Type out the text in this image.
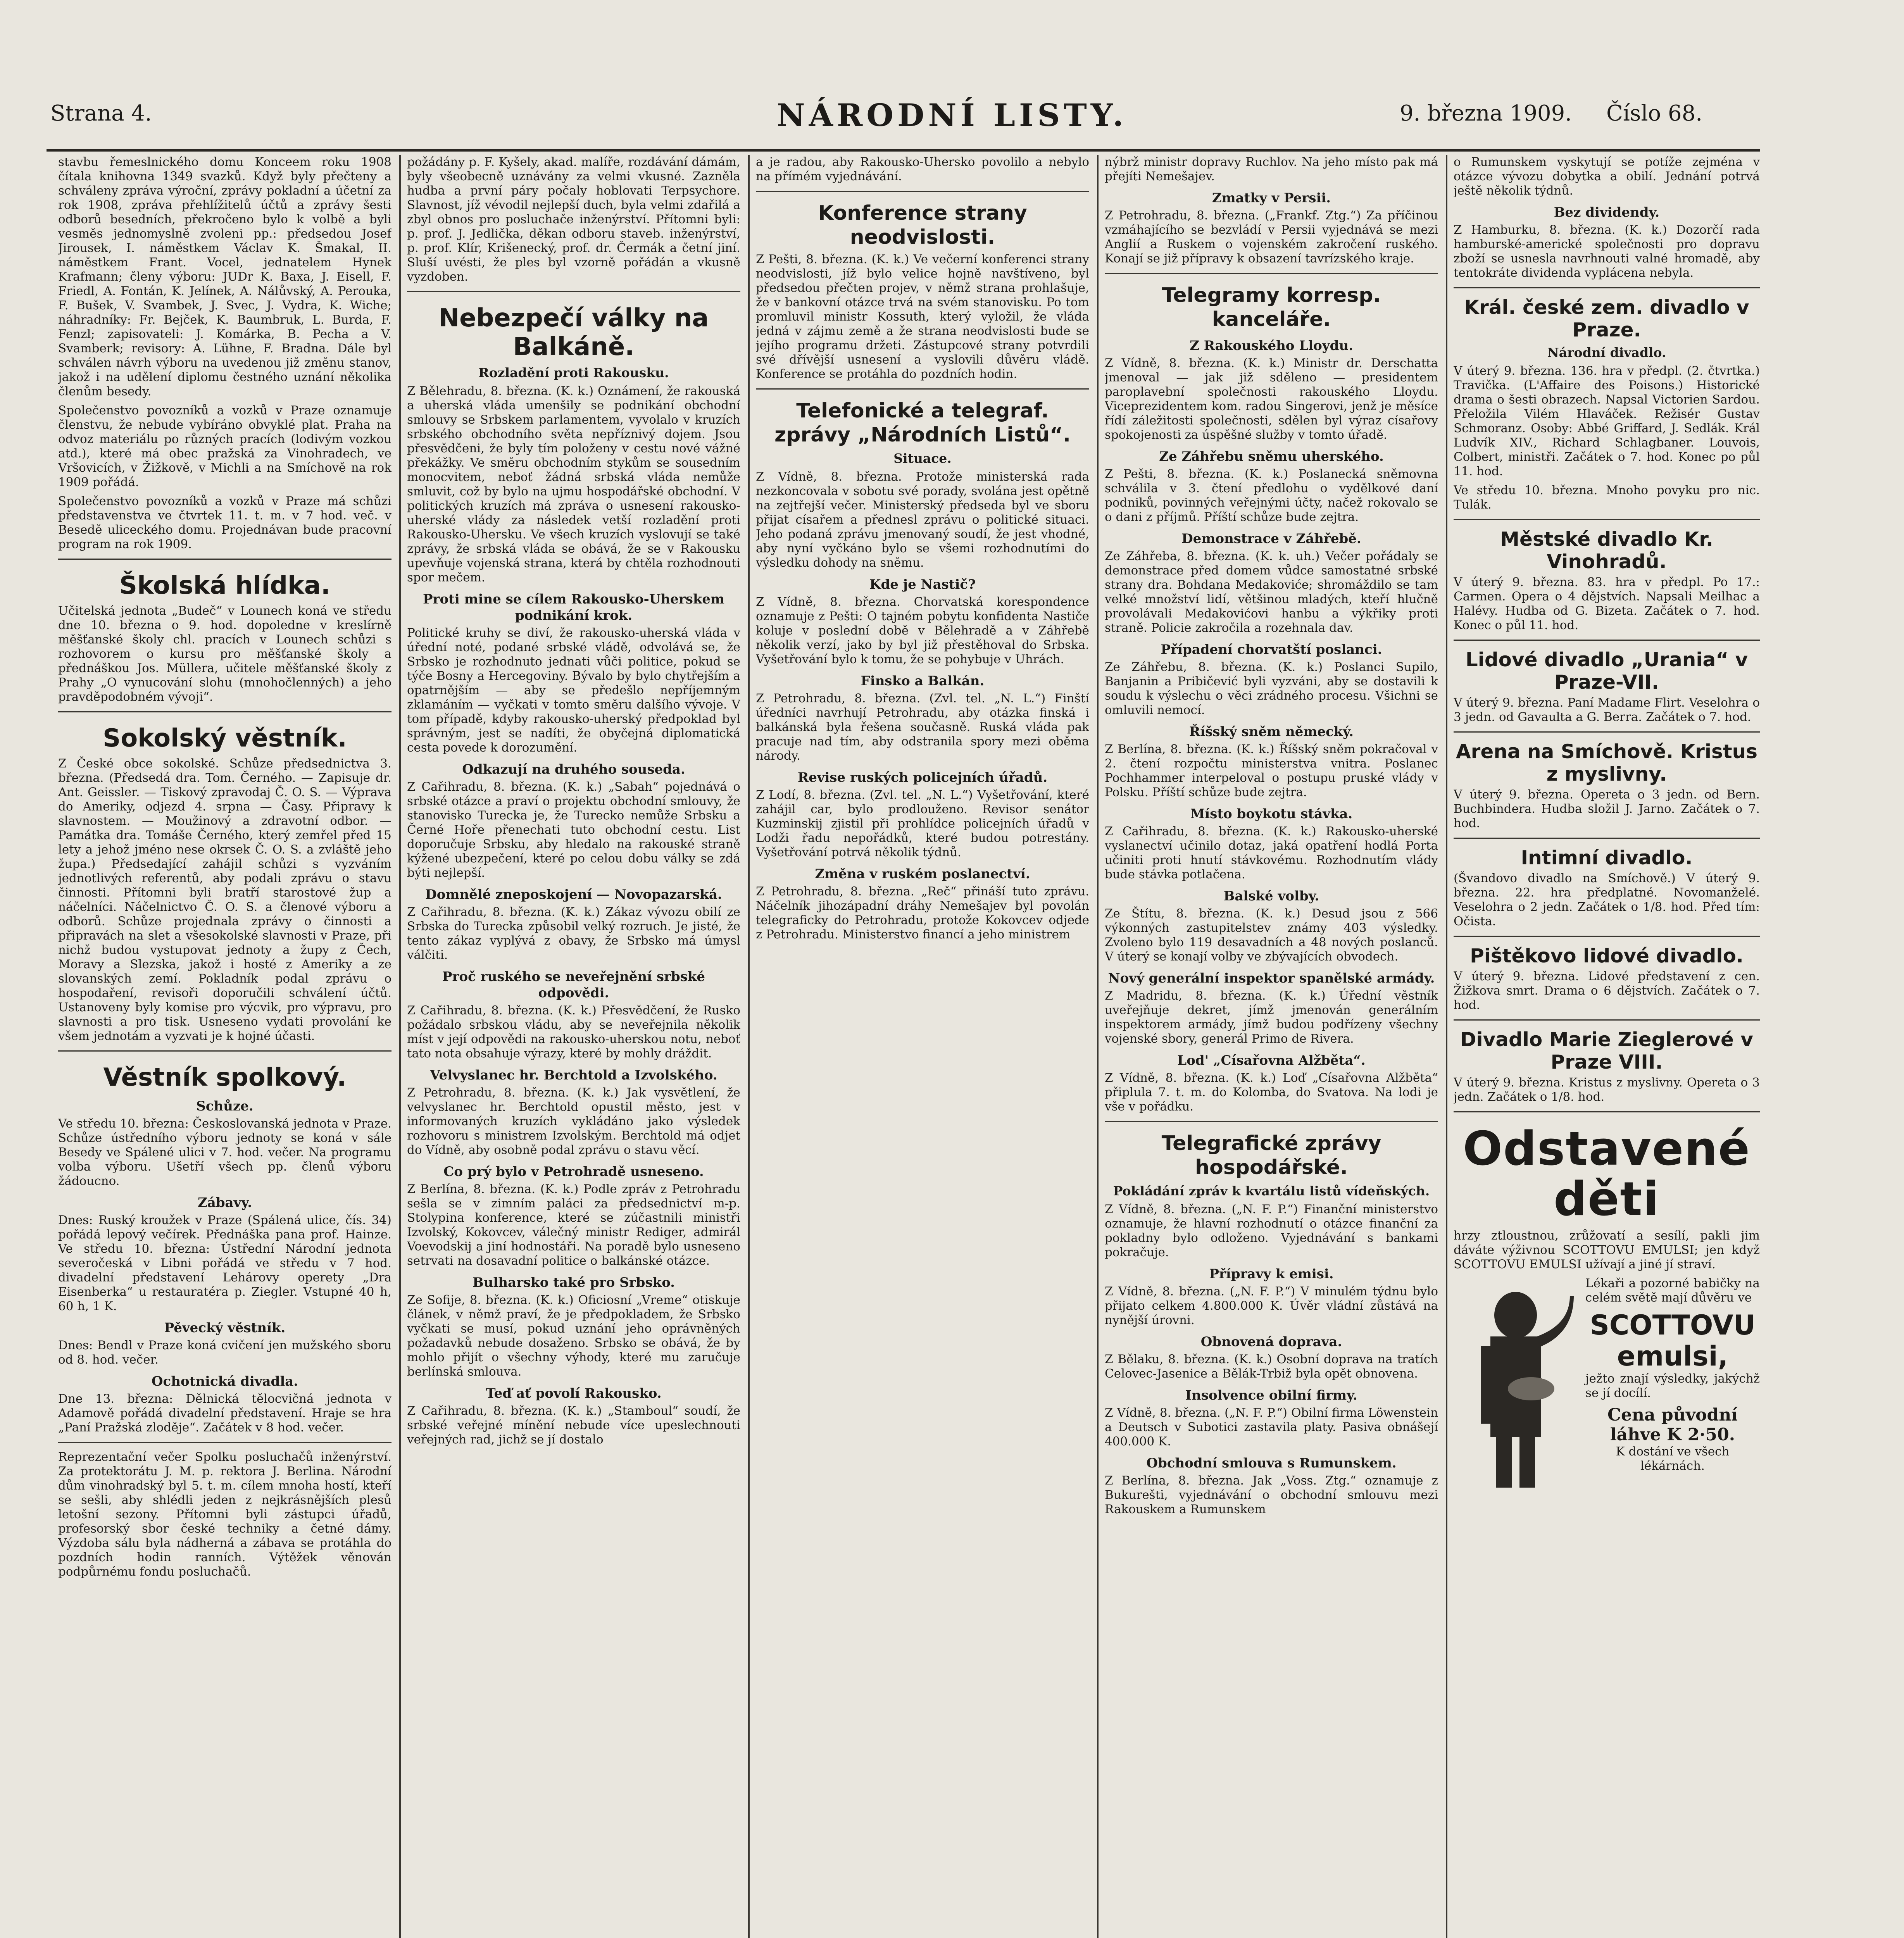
Strana 4.	NÁRODNÍ LISTY.	9. března 1909. Číslo 68.

stavbu řemeslnického domu Konceem roku 1908 čítala knihovna 1349 svazků. Když byly přečteny a schváleny zpráva výroční, zprávy pokladní a účetní za rok 1908, zpráva přehlížitelů účtů a zprávy šesti odborů besedních, překročeno bylo k volbě a byli vesměs jednomyslně zvoleni pp.: předsedou Josef Jirousek, I. náměstkem Václav K. Šmakal, II. náměstkem Frant. Vocel, jednatelem Hynek Krafmann; členy výboru: JUDr K. Baxa, J. Eisell, F. Friedl, A. Fontán, K. Jelínek, A. Nálůvský, A. Perouka, F. Bušek, V. Svambek, J. Svec, J. Vydra, K. Wiche; náhradníky: Fr. Bejček, K. Baumbruk, L. Burda, F. Fenzl; zapisovateli: J. Komárka, B. Pecha a V. Svamberk; revisory: A. Lühne, F. Bradna. Dále byl schválen návrh výboru na uvedenou již změnu stanov, jakož i na udělení diplomu čestného uznání několika členům besedy.

Společenstvo povozníků a vozků v Praze oznamuje členstvu, že nebude vybíráno obvyklé plat. Praha na odvoz materiálu po různých pracích (lodivým vozkou atd.), které má obec pražská za Vinohradech, ve Vršovicích, v Žižkově, v Michli a na Smíchově na rok 1909 pořádá.

Společenstvo povozníků a vozků v Praze má schůzi představenstva ve čtvrtek 11. t. m. v 7 hod. več. v Besedě uliceckého domu. Projednávan bude pracovní program na rok 1909.

Školská hlídka.

Učitelská jednota „Budeč“ v Lounech koná ve středu dne 10. března o 9. hod. dopoledne v kreslírně měšťanské školy chl. pracích v Lounech schůzi s rozhovorem o kursu pro měšťanské školy a přednáškou Jos. Müllera, učitele měšťanské školy z Prahy „O vynucování slohu (mnohočlenných) a jeho pravděpodobném vývoji“.

Sokolský věstník.

Z České obce sokolské. Schůze předsednictva 3. března. (Předsedá dra. Tom. Černého. — Zapisuje dr. Ant. Geissler. — Tiskový zpravodaj Č. O. S. — Výprava do Ameriky, odjezd 4. srpna — Časy. Připravy k slavnostem. — Moužinový a zdravotní odbor. — Památka dra. Tomáše Černého, který zemřel před 15 lety a jehož jméno nese okrsek Č. O. S. a zvláště jeho župa.) Předsedající zahájil schůzi s vyzváním jednotlivých referentů, aby podali zprávu o stavu činnosti. Přítomni byli bratří starostové žup a náčelníci. Náčelnictvo Č. O. S. a členové výboru a odborů. Schůze projednala zprávy o činnosti a připravách na slet a všesokolské slavnosti v Praze, při nichž budou vystupovat jednoty a župy z Čech, Moravy a Slezska, jakož i hosté z Ameriky a ze slovanských zemí. Pokladník podal zprávu o hospodaření, revisoři doporučili schválení účtů. Ustanoveny byly komise pro výcvik, pro výpravu, pro slavnosti a pro tisk. Usneseno vydati provolání ke všem jednotám a vyzvati je k hojné účasti.

Věstník spolkový.
Schůze.

Ve středu 10. března: Českoslovanská jednota v Praze. Schůze ústředního výboru jednoty se koná v sále Besedy ve Spálené ulici v 7. hod. večer. Na programu volba výboru. Ušetří všech pp. členů výboru žádoucno.

Zábavy.

Dnes: Ruský kroužek v Praze (Spálená ulice, čís. 34) pořádá lepový večírek. Přednáška pana prof. Hainze. Ve středu 10. března: Ústřední Národní jednota severočeská v Libni pořádá ve středu v 7 hod. divadelní představení Lehárovy operety „Dra Eisenberka“ u restauratéra p. Ziegler. Vstupné 40 h, 60 h, 1 K.

Pěvecký věstník.

Dnes: Bendl v Praze koná cvičení jen mužského sboru od 8. hod. večer.

Ochotnická divadla.

Dne 13. března: Dělnická tělocvičná jednota v Adamově pořádá divadelní představení. Hraje se hra „Paní Pražská zloděje“. Začátek v 8 hod. večer.

Reprezentační večer Spolku posluchačů inženýrství. Za protektorátu J. M. p. rektora J. Berlina. Národní dům vinohradský byl 5. t. m. cílem mnoha hostí, kteří se sešli, aby shlédli jeden z nejkrásnějších plesů letošní sezony. Přítomni byli zástupci úřadů, profesorský sbor české techniky a četné dámy. Výzdoba sálu byla nádherná a zábava se protáhla do pozdních hodin ranních. Výtěžek věnován podpůrnému fondu posluchačů.

požádány p. F. Kyšely, akad. malíře, rozdávání dámám, byly všeobecně uznávány za velmi vkusné. Zazněla hudba a první páry počaly hoblovati Terpsychore. Slavnost, jíž vévodil nejlepší duch, byla velmi zdařilá a zbyl obnos pro posluchače inženýrství. Přítomni byli: p. prof. J. Jedlička, děkan odboru staveb. inženýrství, p. prof. Klír, Krišenecký, prof. dr. Čermák a četní jiní. Sluší uvésti, že ples byl vzorně pořádán a vkusně vyzdoben.

Nebezpečí války na Balkáně.
Rozladění proti Rakousku.

Z Bělehradu, 8. března. (K. k.) Oznámení, že rakouská a uherská vláda umenšily se podnikání obchodní smlouvy se Srbskem parlamentem, vyvolalo v kruzích srbského obchodního světa nepříznivý dojem. Jsou přesvědčeni, že byly tím položeny v cestu nové vážné překážky. Ve směru obchodním stykům se sousedním monocvitem, neboť žádná srbská vláda nemůže smluvit, což by bylo na ujmu hospodářské obchodní. V politických kruzích má zpráva o usnesení rakousko-uherské vlády za následek vetší rozladění proti Rakousko-Uhersku. Ve všech kruzích vyslovují se také zprávy, že srbská vláda se obává, že se v Rakousku upevňuje vojenská strana, která by chtěla rozhodnouti spor mečem.

Proti mine se cílem Rakousko-Uherskem podnikání krok.

Politické kruhy se diví, že rakousko-uherská vláda v úřední noté, podané srbské vládě, odvolává se, že Srbsko je rozhodnuto jednati vůči politice, pokud se týče Bosny a Hercegoviny. Bývalo by bylo chytřejším a opatrnějším — aby se předešlo nepříjemným zklamáním — vyčkati v tomto směru dalšího vývoje. V tom případě, kdyby rakousko-uherský předpoklad byl správným, jest se nadíti, že obyčejná diplomatická cesta povede k dorozumění.

Odkazují na druhého souseda.

Z Cařihradu, 8. března. (K. k.) „Sabah“ pojednává o srbské otázce a praví o projektu obchodní smlouvy, že stanovisko Turecka je, že Turecko nemůže Srbsku a Černé Hoře přenechati tuto obchodní cestu. List doporučuje Srbsku, aby hledalo na rakouské straně kýžené ubezpečení, které po celou dobu války se zdá býti nejlepší.

Domnělé zneposkojení — Novopazarská.

Z Cařihradu, 8. března. (K. k.) Zákaz vývozu obilí ze Srbska do Turecka způsobil velký rozruch. Je jisté, že tento zákaz vyplývá z obavy, že Srbsko má úmysl válčiti.

Proč ruského se neveřejnění srbské odpovědi.

Z Cařihradu, 8. března. (K. k.) Přesvědčení, že Rusko požádalo srbskou vládu, aby se neveřejnila několik míst v její odpovědi na rakousko-uherskou notu, neboť tato nota obsahuje výrazy, které by mohly dráždit.

Velvyslanec hr. Berchtold a Izvolského.

Z Petrohradu, 8. března. (K. k.) Jak vysvětlení, že velvyslanec hr. Berchtold opustil město, jest v informovaných kruzích vykládáno jako výsledek rozhovoru s ministrem Izvolským. Berchtold má odjet do Vídně, aby osobně podal zprávu o stavu věcí.

Co prý bylo v Petrohradě usneseno.

Z Berlína, 8. března. (K. k.) Podle zpráv z Petrohradu sešla se v zimním paláci za předsednictví m-p. Stolypina konference, které se zúčastnili ministři Izvolský, Kokovcev, válečný ministr Rediger, admirál Voevodskij a jiní hodnostáři. Na poradě bylo usneseno setrvati na dosavadní politice o balkánské otázce.

Bulharsko také pro Srbsko.

Ze Sofije, 8. března. (K. k.) Oficiosní „Vreme“ otiskuje článek, v němž praví, že je předpokladem, že Srbsko vyčkati se musí, pokud uznání jeho oprávněných požadavků nebude dosaženo. Srbsko se obává, že by mohlo přijít o všechny výhody, které mu zaručuje berlínská smlouva.

Teď ať povolí Rakousko.

Z Cařihradu, 8. března. (K. k.) „Stamboul“ soudí, že srbské veřejné mínění nebude více upeslechnouti veřejných rad, jichž se jí dostalo

a je radou, aby Rakousko-Uhersko povolilo a nebylo na přímém vyjednávání.

Konference strany neodvislosti.

Z Pešti, 8. března. (K. k.) Ve večerní konferenci strany neodvislosti, jíž bylo velice hojně navštíveno, byl předsedou přečten projev, v němž strana prohlašuje, že v bankovní otázce trvá na svém stanovisku. Po tom promluvil ministr Kossuth, který vyložil, že vláda jedná v zájmu země a že strana neodvislosti bude se jejího programu držeti. Zástupcové strany potvrdili své dřívější usnesení a vyslovili důvěru vládě. Konference se protáhla do pozdních hodin.

Telefonické a telegraf. zprávy „Národních Listů“.
Situace.

Z Vídně, 8. března. Protože ministerská rada nezkoncovala v sobotu své porady, svolána jest opětně na zejtřejší večer. Ministerský předseda byl ve sboru přijat císařem a přednesl zprávu o politické situaci. Jeho podaná zprávu jmenovaný soudí, že jest vhodné, aby nyní vyčkáno bylo se všemi rozhodnutími do výsledku dohody na sněmu.

Kde je Nastič?

Z Vídně, 8. března. Chorvatská korespondence oznamuje z Pešti: O tajném pobytu konfidenta Nastiče koluje v poslední době v Bělehradě a v Záhřebě několik verzí, jako by byl již přestěhoval do Srbska. Vyšetřování bylo k tomu, že se pohybuje v Uhrách.

Finsko a Balkán.

Z Petrohradu, 8. března. (Zvl. tel. „N. L.“) Finští úředníci navrhují Petrohradu, aby otázka finská i balkánská byla řešena současně. Ruská vláda pak pracuje nad tím, aby odstranila spory mezi oběma národy.

Revise ruských policejních úřadů.

Z Lodí, 8. března. (Zvl. tel. „N. L.“) Vyšetřování, které zahájil car, bylo prodlouženo. Revisor senátor Kuzminskij zjistil při prohlídce policejních úřadů v Lodži řadu nepořádků, které budou potrestány. Vyšetřování potrvá několik týdnů.

Změna v ruském poslanectví.

Z Petrohradu, 8. března. „Reč“ přináší tuto zprávu. Náčelník jihozápadní dráhy Nemešajev byl povolán telegraficky do Petrohradu, protože Kokovcev odjede z Petrohradu. Ministerstvo financí a jeho ministrem

nýbrž ministr dopravy Ruchlov. Na jeho místo pak má přejíti Nemešajev.

Zmatky v Persii.

Z Petrohradu, 8. března. („Frankf. Ztg.“) Za příčinou vzmáhajícího se bezvládí v Persii vyjednává se mezi Anglií a Ruskem o vojenském zakročení ruského. Konají se již přípravy k obsazení tavrízského kraje.

Telegramy korresp. kanceláře.
Z Rakouského Lloydu.

Z Vídně, 8. března. (K. k.) Ministr dr. Derschatta jmenoval — jak již sděleno — presidentem paroplavební společnosti rakouského Lloydu. Viceprezidentem kom. radou Singerovi, jenž je měsíce řídí záležitosti společnosti, sdělen byl výraz císařovy spokojenosti za úspěšné služby v tomto úřadě.

Ze Záhřebu sněmu uherského.

Z Pešti, 8. března. (K. k.) Poslanecká sněmovna schválila v 3. čtení předlohu o vydělkové daní podniků, povinných veřejnými účty, načež rokovalo se o dani z příjmů. Příští schůze bude zejtra.

Demonstrace v Záhřebě.

Ze Záhřeba, 8. března. (K. k. uh.) Večer pořádaly se demonstrace před domem vůdce samostatné srbské strany dra. Bohdana Medakoviće; shromáždilo se tam velké množství lidí, většinou mladých, kteří hlučně provolávali Medakovićovi hanbu a výkřiky proti straně. Policie zakročila a rozehnala dav.

Případení chorvatští poslanci.

Ze Záhřebu, 8. března. (K. k.) Poslanci Supilo, Banjanin a Pribičević byli vyzváni, aby se dostavili k soudu k výslechu o věci zrádného procesu. Všichni se omluvili nemocí.

Říšský sněm německý.

Z Berlína, 8. března. (K. k.) Říšský sněm pokračoval v 2. čtení rozpočtu ministerstva vnitra. Poslanec Pochhammer interpeloval o postupu pruské vlády v Polsku. Příští schůze bude zejtra.

Místo boykotu stávka.

Z Cařihradu, 8. března. (K. k.) Rakousko-uherské vyslanectví učinilo dotaz, jaká opatření hodlá Porta učiniti proti hnutí stávkovému. Rozhodnutím vlády bude stávka potlačena.

Balské volby.

Ze Štítu, 8. března. (K. k.) Desud jsou z 566 výkonných zastupitelstev známy 403 výsledky. Zvoleno bylo 119 desavadních a 48 nových poslanců. V úterý se konají volby ve zbývajících obvodech.

Nový generální inspektor spanělské armády.

Z Madridu, 8. března. (K. k.) Úřední věstník uveřejňuje dekret, jímž jmenován generálním inspektorem armády, jímž budou podřízeny všechny vojenské sbory, generál Primo de Rivera.

Lod' „Císařovna Alžběta“.

Z Vídně, 8. března. (K. k.) Loď „Císařovna Alžběta“ připlula 7. t. m. do Kolomba, do Svatova. Na lodi je vše v pořádku.

Telegrafické zprávy hospodářské.
Pokládání zpráv k kvartálu listů vídeňských.

Z Vídně, 8. března. („N. F. P.“) Finanční ministerstvo oznamuje, že hlavní rozhodnutí o otázce finanční za pokladny bylo odloženo. Vyjednávání s bankami pokračuje.

Přípravy k emisi.

Z Vídně, 8. března. („N. F. P.“) V minulém týdnu bylo přijato celkem 4.800.000 K. Úvěr vládní zůstává na nynější úrovni.

Obnovená doprava.

Z Bělaku, 8. března. (K. k.) Osobní doprava na tratích Celovec-Jasenice a Bělák-Trbiž byla opět obnovena.

Insolvence obilní firmy.

Z Vídně, 8. března. („N. F. P.“) Obilní firma Löwenstein a Deutsch v Subotici zastavila platy. Pasiva obnášejí 400.000 K.

Obchodní smlouva s Rumunskem.

Z Berlína, 8. března. Jak „Voss. Ztg.“ oznamuje z Bukurešti, vyjednávání o obchodní smlouvu mezi Rakouskem a Rumunskem

o Rumunskem vyskytují se potíže zejména v otázce vývozu dobytka a obilí. Jednání potrvá ještě několik týdnů.

Bez dividendy.

Z Hamburku, 8. března. (K. k.) Dozorčí rada hamburské-americké společnosti pro dopravu zboží se usnesla navrhnouti valné hromadě, aby tentokráte dividenda vyplácena nebyla.

Král. české zem. divadlo v Praze.
Národní divadlo.

V úterý 9. března. 136. hra v předpl. (2. čtvrtka.) Travička. (L'Affaire des Poisons.) Historické drama o šesti obrazech. Napsal Victorien Sardou. Přeložila Vilém Hlaváček. Režisér Gustav Schmoranz. Osoby: Abbé Griffard, J. Sedlák. Král Ludvík XIV., Richard Schlagbaner. Louvois, Colbert, ministři. Začátek o 7. hod. Konec po půl 11. hod.

Ve středu 10. března. Mnoho povyku pro nic. Tulák.

Městské divadlo Kr. Vinohradů.

V úterý 9. března. 83. hra v předpl. Po 17.: Carmen. Opera o 4 dějstvích. Napsali Meilhac a Halévy. Hudba od G. Bizeta. Začátek o 7. hod. Konec o půl 11. hod.

Lidové divadlo „Urania“ v Praze-VII.

V úterý 9. března. Paní Madame Flirt. Veselohra o 3 jedn. od Gavaulta a G. Berra. Začátek o 7. hod.

Arena na Smíchově. Kristus z myslivny.

V úterý 9. března. Opereta o 3 jedn. od Bern. Buchbindera. Hudba složil J. Jarno. Začátek o 7. hod.

Intimní divadlo.

(Švandovo divadlo na Smíchově.) V úterý 9. března. 22. hra předplatné. Novomanželé. Veselohra o 2 jedn. Začátek o 1/8. hod. Před tím: Očista.

Pištěkovo lidové divadlo.

V úterý 9. března. Lidové představení z cen. Žižkova smrt. Drama o 6 dějstvích. Začátek o 7. hod.

Divadlo Marie Zieglerové v Praze VIII.

V úterý 9. března. Kristus z myslivny. Opereta o 3 jedn. Začátek o 1/8. hod.

Odstavené děti

hrzy ztloustnou, zrůžovatí a sesílí, pakli jim dáváte výživnou SCOTTOVU EMULSI; jen když SCOTTOVU EMULSI užívají a jiné jí straví.

Lékaři a pozorné babičky na celém světě mají důvěru ve

SCOTTOVU emulsi,

ježto znají výsledky, jakýchž se jí docílí.

Cena původní láhve K 2·50.

K dostání ve všech lékárnách.
